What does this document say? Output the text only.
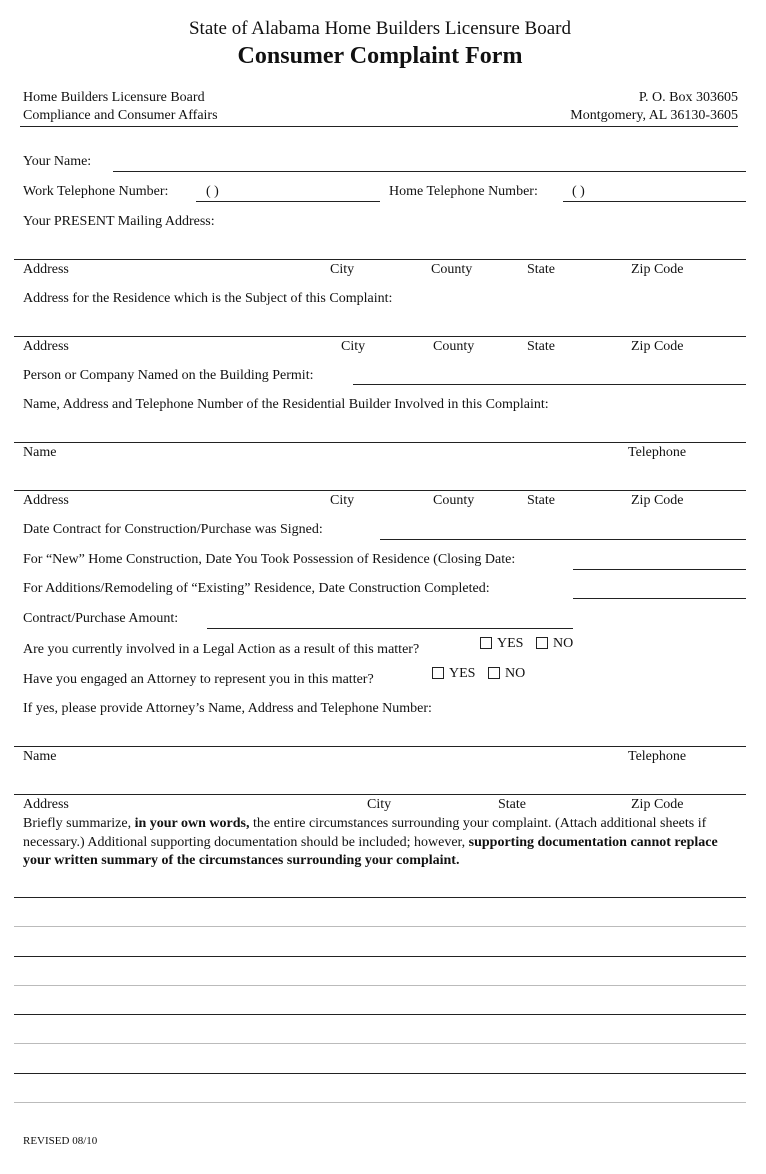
State of Alabama Home Builders Licensure Board
Consumer Complaint Form
Home Builders Licensure Board
Compliance and Consumer Affairs
P. O. Box 303605
Montgomery, AL 36130-3605
Your Name:
Work Telephone Number:	( )	Home Telephone Number: ( )
Your PRESENT Mailing Address:
Address	City	County	State	Zip Code
Address for the Residence which is the Subject of this Complaint:
Address	City	County	State	Zip Code
Person or Company Named on the Building Permit:
Name, Address and Telephone Number of the Residential Builder Involved in this Complaint:
Name	Telephone
Address	City	County	State	Zip Code
Date Contract for Construction/Purchase was Signed:
For “New” Home Construction, Date You Took Possession of Residence (Closing Date:
For Additions/Remodeling of “Existing” Residence, Date Construction Completed:
Contract/Purchase Amount:
Are you currently involved in a Legal Action as a result of this matter?	YES NO
Have you engaged an Attorney to represent you in this matter?	YES NO
If yes, please provide Attorney’s Name, Address and Telephone Number:
Name	Telephone
Address	City	State	Zip Code
Briefly summarize, in your own words, the entire circumstances surrounding your complaint. (Attach additional sheets if necessary.) Additional supporting documentation should be included; however, supporting documentation cannot replace your written summary of the circumstances surrounding your complaint.
REVISED 08/10
